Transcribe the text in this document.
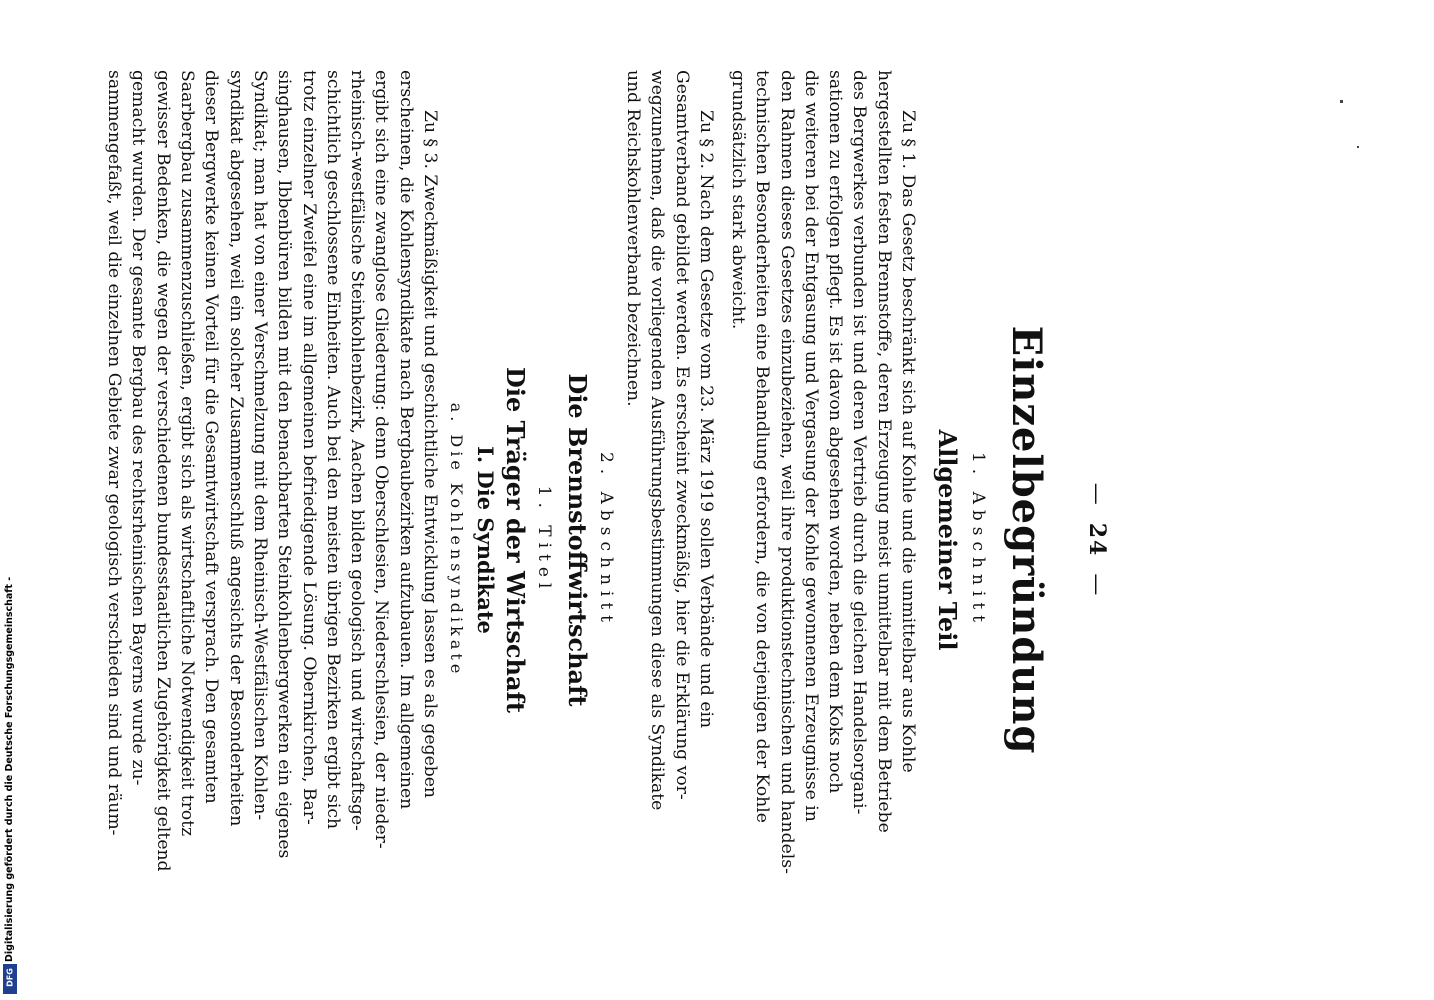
Digitalisierung gefördert durch die Deutsche Forschungsgemeinschaft -
DFG
—24—
Einzelbegründung
1. Abschnitt
Allgemeiner Teil
Zu § 1. Das Gesetz beschränkt sich auf Kohle und die unmittelbar aus Kohle
hergestellten festen Brennstoffe, deren Erzeugung meist unmittelbar mit dem Betriebe
des Bergwerkes verbunden ist und deren Vertrieb durch die gleichen Handelsorgani-
sationen zu erfolgen pflegt. Es ist davon abgesehen worden, neben dem Koks noch
die weiteren bei der Entgasung und Vergasung der Kohle gewonnenen Erzeugnisse in
den Rahmen dieses Gesetzes einzubeziehen, weil ihre produktionstechnischen und handels-
technischen Besonderheiten eine Behandlung erfordern, die von derjenigen der Kohle
grundsätzlich stark abweicht.
Zu § 2. Nach dem Gesetze vom 23. März 1919 sollen Verbände und ein
Gesamtverband gebildet werden. Es erscheint zweckmäßig, hier die Erklärung vor-
wegzunehmen, daß die vorliegenden Ausführungsbestimmungen diese als Syndikate
und Reichskohlenverband bezeichnen.
2. Abschnitt
Die Brennstoffwirtschaft
1. Titel
Die Träger der Wirtschaft
I. Die Syndikate
a. Die Kohlensyndikate
Zu § 3. Zweckmäßigkeit und geschichtliche Entwicklung lassen es als gegeben
erscheinen, die Kohlensyndikate nach Bergbaubezirken aufzubauen. Im allgemeinen
ergibt sich eine zwanglose Gliederung: denn Oberschlesien, Niederschlesien, der nieder-
rheinisch-westfälische Steinkohlenbezirk, Aachen bilden geologisch und wirtschaftsge-
schichtlich geschlossene Einheiten. Auch bei den meisten übrigen Bezirken ergibt sich
trotz einzelner Zweifel eine im allgemeinen befriedigende Lösung. Obernkirchen, Bar-
singhausen, Ibbenbüren bilden mit den benachbarten Steinkohlenbergwerken ein eigenes
Syndikat; man hat von einer Verschmelzung mit dem Rheinisch-Westfälischen Kohlen-
syndikat abgesehen, weil ein solcher Zusammenschluß angesichts der Besonderheiten
dieser Bergwerke keinen Vorteil für die Gesamtwirtschaft versprach. Den gesamten
Saarbergbau zusammenzuschließen, ergibt sich als wirtschaftliche Notwendigkeit trotz
gewisser Bedenken, die wegen der verschiedenen bundesstaatlichen Zugehörigkeit geltend
gemacht wurden. Der gesamte Bergbau des rechtsrheinischen Bayerns wurde zu-
sammengefaßt, weil die einzelnen Gebiete zwar geologisch verschieden sind und räum-
